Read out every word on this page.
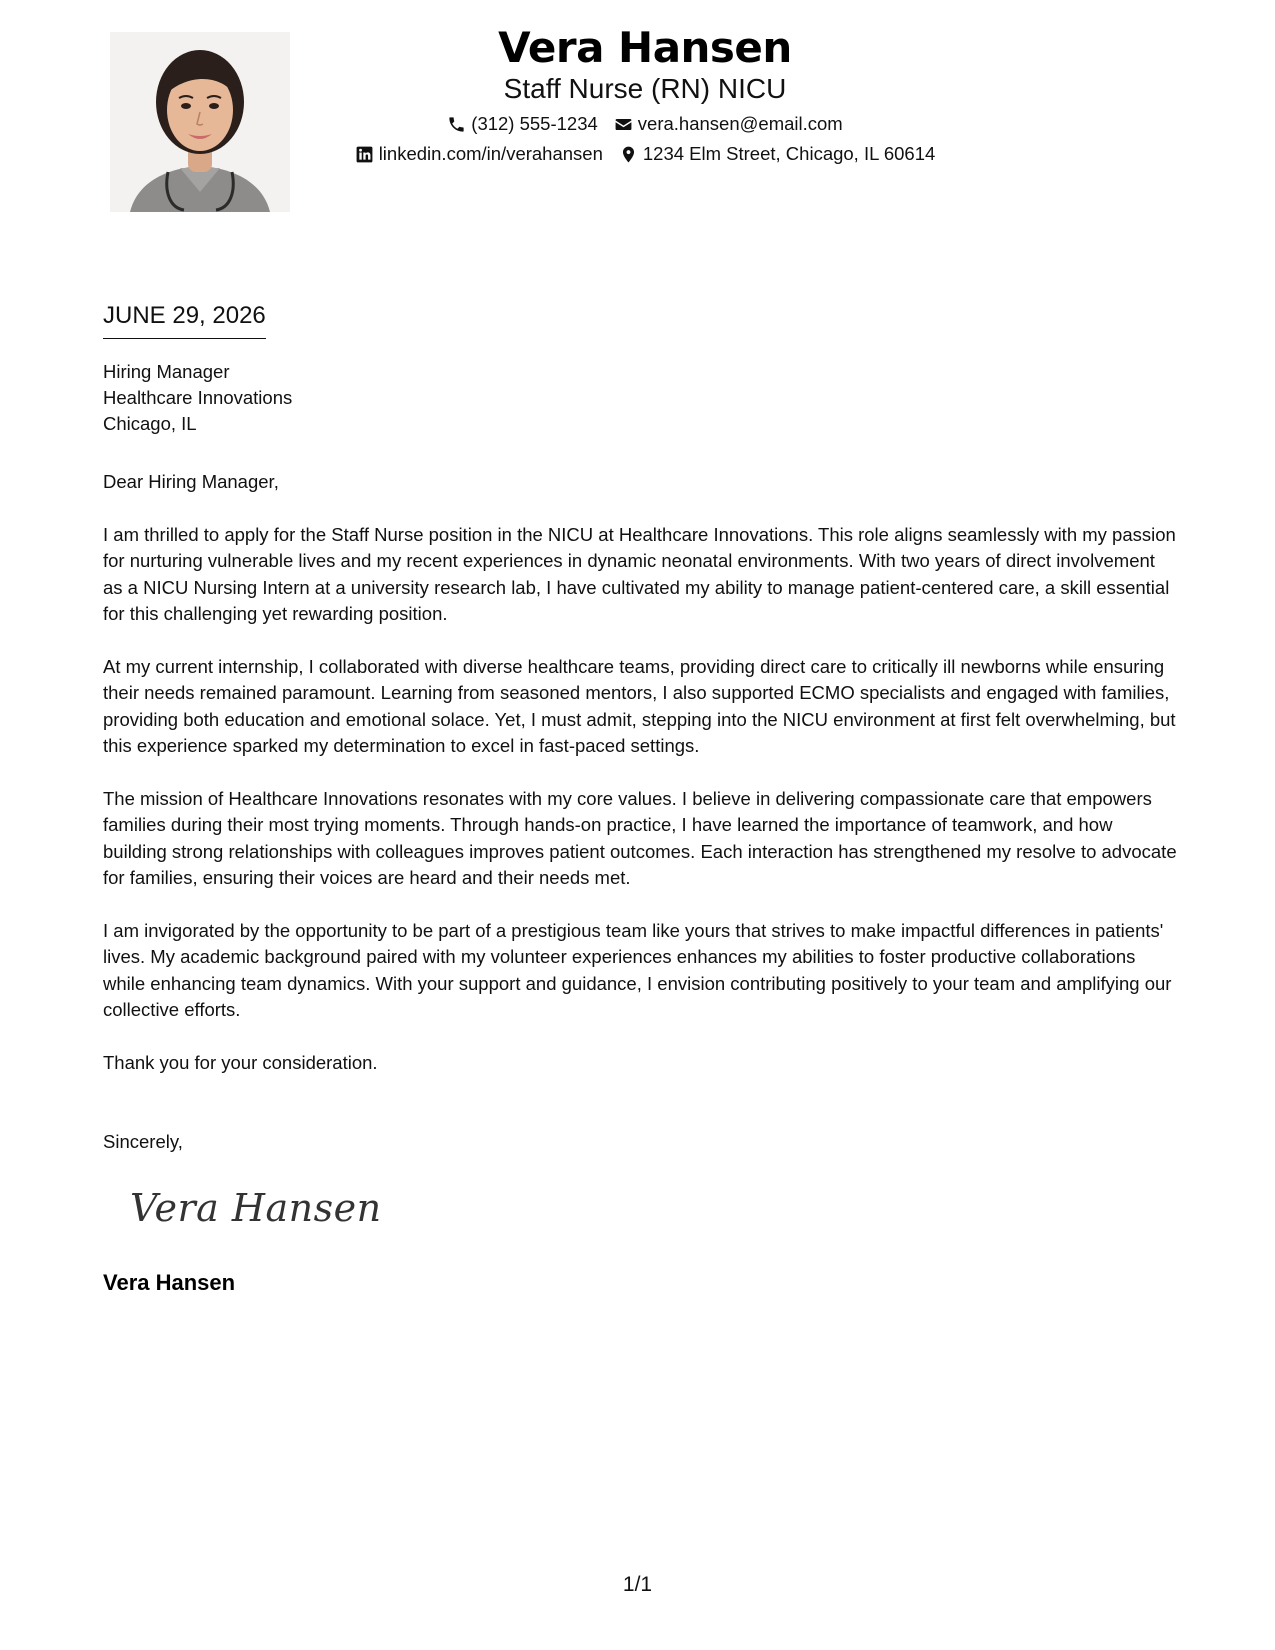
Vera Hansen
Staff Nurse (RN) NICU
(312) 555-1234 vera.hansen@email.com
linkedin.com/in/verahansen 1234 Elm Street, Chicago, IL 60614
JUNE 29, 2026
Hiring Manager
Healthcare Innovations
Chicago, IL
Dear Hiring Manager,
I am thrilled to apply for the Staff Nurse position in the NICU at Healthcare Innovations. This role aligns seamlessly with my passion for nurturing vulnerable lives and my recent experiences in dynamic neonatal environments. With two years of direct involvement as a NICU Nursing Intern at a university research lab, I have cultivated my ability to manage patient-centered care, a skill essential for this challenging yet rewarding position.
At my current internship, I collaborated with diverse healthcare teams, providing direct care to critically ill newborns while ensuring their needs remained paramount. Learning from seasoned mentors, I also supported ECMO specialists and engaged with families, providing both education and emotional solace. Yet, I must admit, stepping into the NICU environment at first felt overwhelming, but this experience sparked my determination to excel in fast-paced settings.
The mission of Healthcare Innovations resonates with my core values. I believe in delivering compassionate care that empowers families during their most trying moments. Through hands-on practice, I have learned the importance of teamwork, and how building strong relationships with colleagues improves patient outcomes. Each interaction has strengthened my resolve to advocate for families, ensuring their voices are heard and their needs met.
I am invigorated by the opportunity to be part of a prestigious team like yours that strives to make impactful differences in patients' lives. My academic background paired with my volunteer experiences enhances my abilities to foster productive collaborations while enhancing team dynamics. With your support and guidance, I envision contributing positively to your team and amplifying our collective efforts.
Thank you for your consideration.
Sincerely,
Vera Hansen
Vera Hansen
1/1
